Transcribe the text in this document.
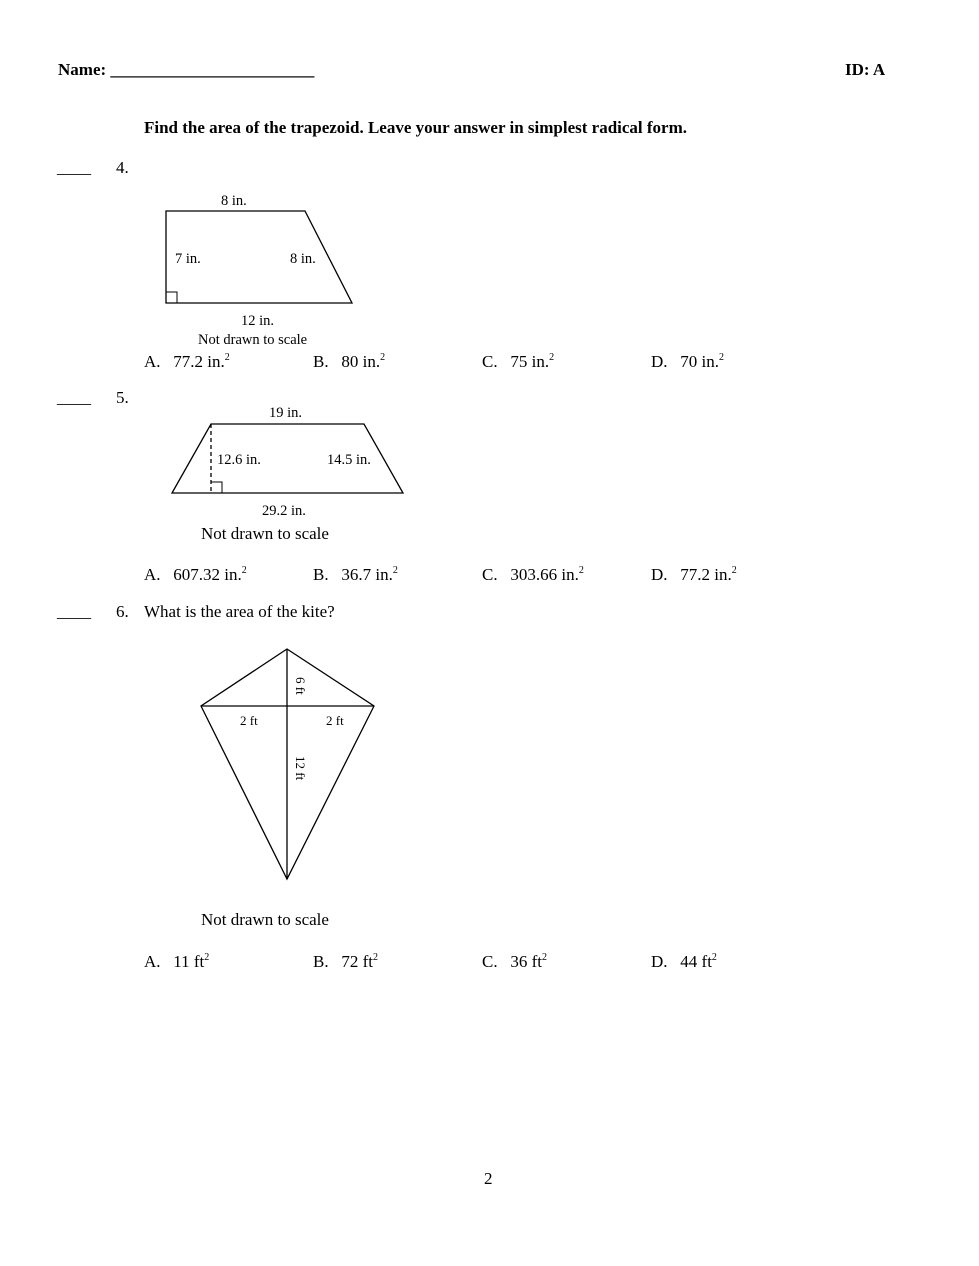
Name: ________________________	ID: A
Find the area of the trapezoid. Leave your answer in simplest radical form.
____ 4.
8 in.
7 in.	8 in.
12 in.
Not drawn to scale
A. 77.2 in.$^2$	B. 80 in.$^2$	C. 75 in.$^2$	D. 70 in.$^2$
____ 5.
19 in.
12.6 in.	14.5 in.
29.2 in.
Not drawn to scale
A. 607.32 in.$^2$	B. 36.7 in.$^2$	C. 303.66 in.$^2$	D. 77.2 in.$^2$
____ 6. What is the area of the kite?
2 ft	2 ft
6 ft
12 ft
Not drawn to scale
A. 11 $ft^2$	B. 72 $ft^2$	C. 36 $ft^2$	D. 44 $ft^2$
2
